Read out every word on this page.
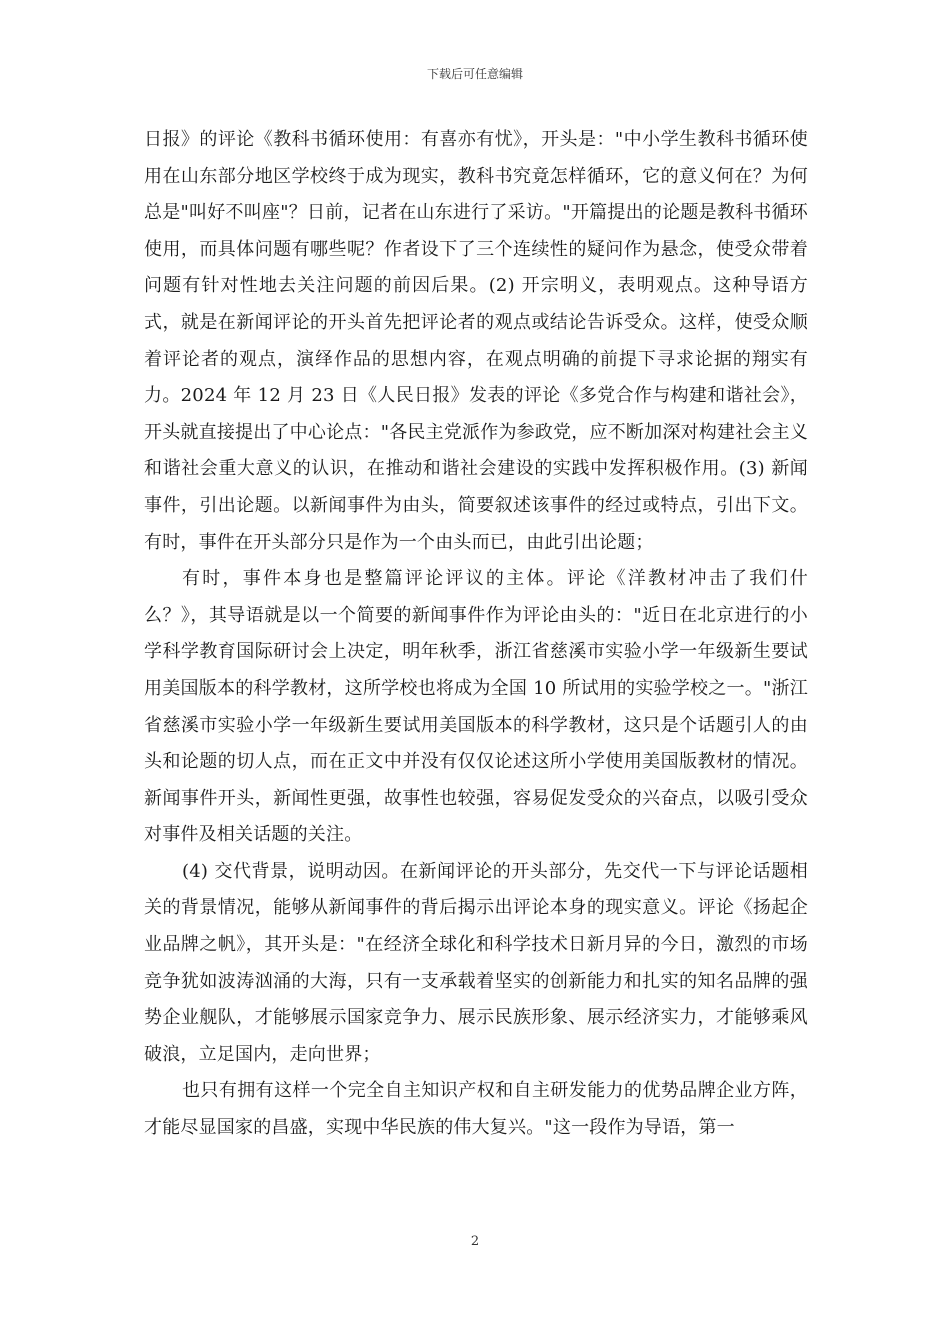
下载后可任意编辑

日报》的评论《教科书循环使用：有喜亦有忧》，开头是："中小学生教科书循环使用在山东部分地区学校终于成为现实，教科书究竟怎样循环，它的意义何在？为何总是"叫好不叫座"？日前，记者在山东进行了采访。"开篇提出的论题是教科书循环使用，而具体问题有哪些呢？作者设下了三个连续性的疑问作为悬念，使受众带着问题有针对性地去关注问题的前因后果。(2) 开宗明义，表明观点。这种导语方式，就是在新闻评论的开头首先把评论者的观点或结论告诉受众。这样，使受众顺着评论者的观点，演绎作品的思想内容，在观点明确的前提下寻求论据的翔实有力。2024 年 12 月 23 日《人民日报》发表的评论《多党合作与构建和谐社会》，开头就直接提出了中心论点："各民主党派作为参政党，应不断加深对构建社会主义和谐社会重大意义的认识，在推动和谐社会建设的实践中发挥积极作用。(3) 新闻事件，引出论题。以新闻事件为由头，简要叙述该事件的经过或特点，引出下文。有时，事件在开头部分只是作为一个由头而已，由此引出论题；

有时，事件本身也是整篇评论评议的主体。评论《洋教材冲击了我们什么？》，其导语就是以一个简要的新闻事件作为评论由头的："近日在北京进行的小学科学教育国际研讨会上决定，明年秋季，浙江省慈溪市实验小学一年级新生要试用美国版本的科学教材，这所学校也将成为全国 10 所试用的实验学校之一。"浙江省慈溪市实验小学一年级新生要试用美国版本的科学教材，这只是个话题引人的由头和论题的切人点，而在正文中并没有仅仅论述这所小学使用美国版教材的情况。新闻事件开头，新闻性更强，故事性也较强，容易促发受众的兴奋点，以吸引受众对事件及相关话题的关注。

(4) 交代背景，说明动因。在新闻评论的开头部分，先交代一下与评论话题相关的背景情况，能够从新闻事件的背后揭示出评论本身的现实意义。评论《扬起企业品牌之帆》，其开头是："在经济全球化和科学技术日新月异的今日，激烈的市场竞争犹如波涛汹涌的大海，只有一支承载着坚实的创新能力和扎实的知名品牌的强势企业舰队，才能够展示国家竞争力、展示民族形象、展示经济实力，才能够乘风破浪，立足国内，走向世界；

也只有拥有这样一个完全自主知识产权和自主研发能力的优势品牌企业方阵，才能尽显国家的昌盛，实现中华民族的伟大复兴。"这一段作为导语，第一

2
